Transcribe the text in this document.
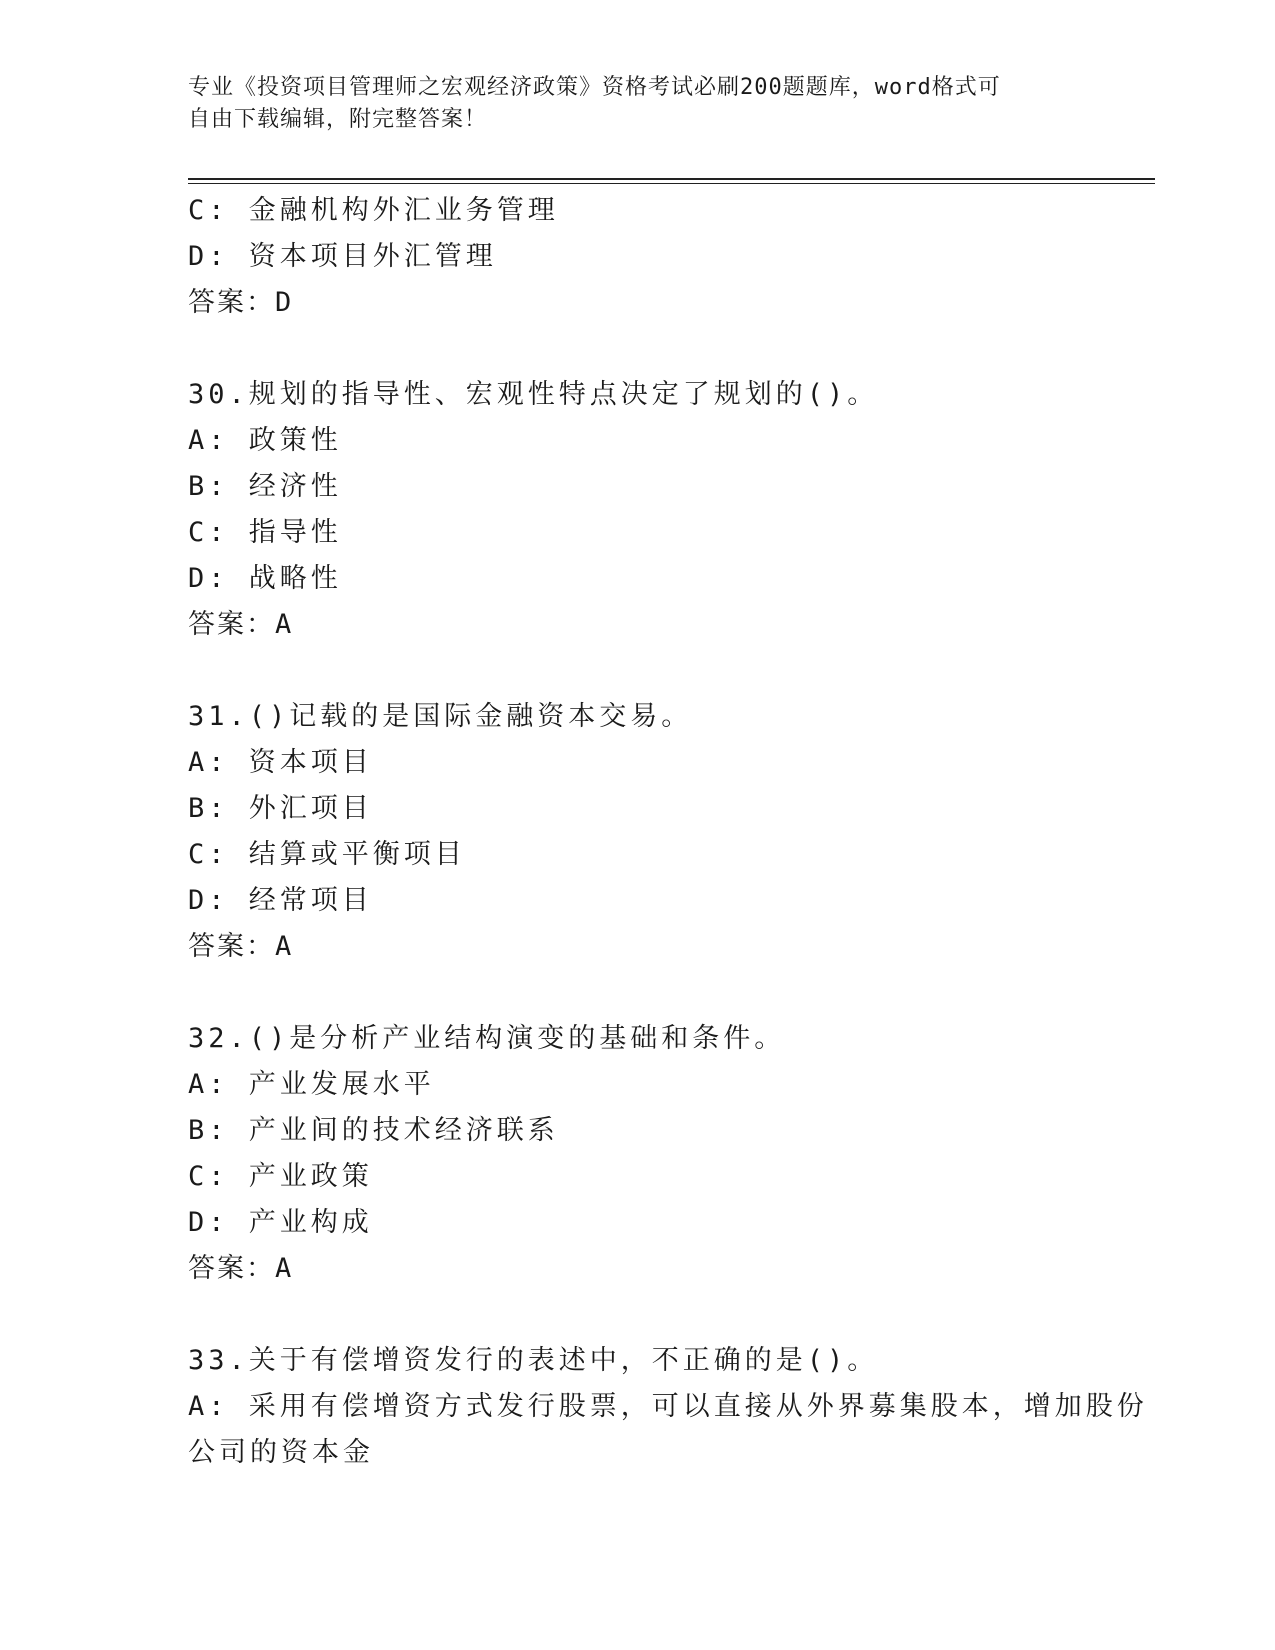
专业《投资项目管理师之宏观经济政策》资格考试必刷200题题库，word格式可
自由下载编辑，附完整答案！
C: 金融机构外汇业务管理
D: 资本项目外汇管理
答案：D
30.规划的指导性、宏观性特点决定了规划的()。
A: 政策性
B: 经济性
C: 指导性
D: 战略性
答案：A
31.()记载的是国际金融资本交易。
A: 资本项目
B: 外汇项目
C: 结算或平衡项目
D: 经常项目
答案：A
32.()是分析产业结构演变的基础和条件。
A: 产业发展水平
B: 产业间的技术经济联系
C: 产业政策
D: 产业构成
答案：A
33.关于有偿增资发行的表述中，不正确的是()。
A: 采用有偿增资方式发行股票，可以直接从外界募集股本，增加股份
公司的资本金
